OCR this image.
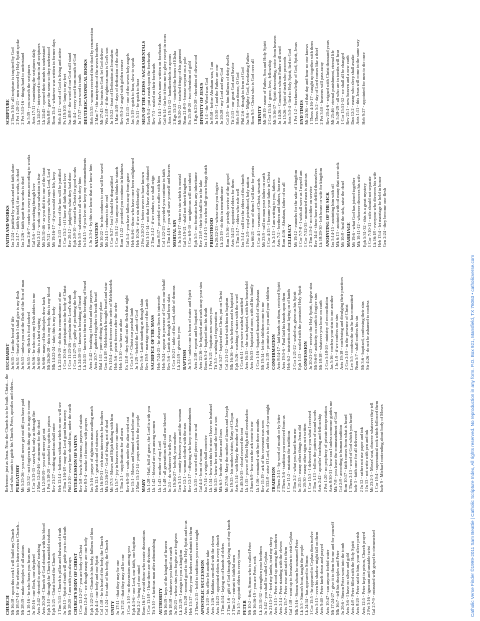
CHURCH Mt 16:18 - upon this rock I will build my Church Mt 18:17-18 - if he refuses to listen even to Church... Mt 28:19 - make disciples of all nations Lk 10:16 - he who hears you hears me Jn 10:16 - one flock, one shepherd Acts 2:42 - devoted to apostles' teaching Acts 20:28 - Church of God obtained with his blood Eph 3:10 - through the Church manifold wisdom Eph 5:25 - Christ loved the Church 1 Tim 3:15 - Church is pillar and bulwark of truth Jn 16:13 - Spirit of truth will guide you to all truth Mt 28:20 - I am with you always CHURCH'S BODY OF CHRIST 1 Cor 12:12-27 - you are body of Christ Rom 12:4-5 - we though many are one body Eph 1:22-23 - Church is his body, fullness of him Eph 4:4 - one body and one Spirit Col 1:18 - he is head of the body, the Church Col 1:24 - for sake of his body, the Church UNITY Jn 17:11 - that they may be one Jn 17:21 - that they may all be one 1 Cor 1:10 - no dissensions among you Eph 4:3-6 - one Lord, one faith, one baptism Phil 2:2 - being of one mind Rom 16:17 - avoid those who create dissensions 1 Cor 11:18 - I hear there are divisions Tit 3:10 - a factious man after admonishing AUTHORITY Mt 16:19 - keys of the kingdom of heaven Mt 18:18 - whatever you bind on earth Jn 20:23 - whose sins you forgive are forgiven Lk 22:29 - I assign to you a kingdom Acts 15:28 - seemed good to the Holy Spirit and to us Heb 13:17 - obey your leaders and submit to them 2 Thess 2:15 - hold to traditions you were taught APOSTOLIC SUCCESSION Acts 1:20 - his office let another take Acts 1:26 - Matthias enrolled with the eleven Acts 14:23 - appointed elders in every church 1 Tim 4:14 - laying on of hands of elders 2 Tim 1:6 - gift of God through laying on of my hands 2 Tim 2:2 - entrust to faithful men Tit 1:5 - appoint elders in every town PETER Mt 10:2 - first, Simon who is called Peter Mt 16:16-19 - you are Peter, rock Lk 22:31-32 - strengthen your brethren Jn 1:42 - you shall be called Cephas Jn 21:15-17 - feed my lambs, tend my sheep Acts 1:15 - Peter stood up among the brethren Acts 2:14 - Peter standing with the eleven Acts 15:7 - Peter rose and said to them Gal 1:18 - went up to Jerusalem to visit Cephas Mk 3:16 - Simon whom he surnamed Peter Lk 5:3 - Simon's boat, taught the people Lk 24:34 - has appeared to Simon 1 Cor 15:5 - he appeared to Cephas then twelve Acts 5:15 - even his shadow might fall on them Acts 9:40 - Peter knelt down and prayed Acts 10:47 - can anyone forbid water Mt 17:24-27 - give it to them for me and for yourself Mk 16:7 - tell his disciples and Peter Jn 20:6 - Simon Peter went into the tomb Acts 3:6 - I have no silver and gold Acts 4:8 - Peter filled with the Holy Spirit Acts 8:20 - Peter said to him, your silver perish Acts 12:5 - Peter kept in prison, Church prayed 2 Pet 3:16 - ignorant and unstable twist Gal 2:7-9 - entrusted with gospel to circumcised
Reference: just as Jesus. Now the Church is to be built. Christ... the Lord who wants to guide his Church. Peter, apostles and elders... PURGATORY Mt 5:25-26 - you will never get out till you have paid Mt 12:32 - not forgiven in this age or in age to come 1 Cor 3:13-15 - saved, but only as through fire 2 Mac 12:42-46 - atonement for the dead Lk 12:58-59 - you will never get out 1 Pet 3:18-20 - preached to spirits in prison Rev 21:27 - nothing unclean shall enter Heb 12:14 - holiness without which no one will see 2 Tim 1:16-18 - may the Lord grant him mercy Phil 2:10 - every knee should bow, under the earth INTERCESSION OF SAINTS Rev 5:8 - bowls of incense, prayers of saints Rev 8:3-4 - smoke of incense with prayers Jas 5:16 - prayer of righteous man availing much Heb 12:1 - great cloud of witnesses Lk 16:19-31 - rich man intercedes for brothers Mk 12:26-27 - God of living, not of dead Mt 17:3 - Moses and Elijah talking with him Lk 15:7 - joy in heaven over one sinner 1 Tim 2:1 - supplications for all men Rev 6:9-10 - souls under the altar cried out Jer 15:1 - Moses and Samuel stood before me 2 Mac 15:12-14 - prays much for the people MARY Lk 1:28 - Hail, full of grace, the Lord is with you Lk 1:42 - blessed are you among women Lk 1:43 - mother of my Lord Lk 1:48 - all generations will call me blessed Jn 2:5 - do whatever he tells you Jn 19:26-27 - behold, your mother Gen 3:15 - enmity between you and the woman Rev 12:1 - woman clothed with the sun Rev 12:17 - offspring who keep commandments Lk 2:35 - a sword will pierce your soul Gal 4:4 - born of woman Isa 7:14 - a virgin shall conceive Lk 1:34 - how can this be since I have no husband Mt 1:25 - knew her not until she bore a son Mk 6:3 - brother of James and Joses Mt 27:56 - Mary the mother of James and Joseph Jn 19:25 - his mother's sister, Mary of Clopas Acts 1:14 - with Mary the mother of Jesus Ex 40:34-35 - cloud covered the tent Lk 1:35 - power of Most High will overshadow 2 Sam 6:9 - how can the ark come to me Lk 1:56 - remained with her three months Rev 11:19 - ark of his covenant was seen Ps 132:8 - arise O Lord, and the ark of your might TRADITION 2 Thess 2:15 - by word of mouth or by letter 2 Thess 3:6 - tradition you received from us 1 Cor 11:2 - maintain the traditions 2 Tim 2:2 - what you heard from me Jn 21:25 - many other things Jesus did Jn 20:30 - many other signs not written 1 Cor 15:3 - I delivered to you what I received 2 Tim 1:13 - follow the pattern of sound words Acts 2:42 - apostles' teaching and fellowship 2 Pet 1:20 - no prophecy of private interpretation Acts 8:30-31 - how can I unless someone guides me Mk 7:8 - you leave the commandment of God Col 2:8 - according to human tradition Rom 10:17 - faith comes from what is heard 1 Thess 2:13 - word of God which you heard Jude 3 - faith once for all delivered 2 Jn 12 - rather not use paper and ink 3 Jn 13 - not write with pen and ink Mt 23:2-3 - Moses' seat, observe whatever they tell 1 Cor 10:4 - supernatural rock which followed them Jude 9 - Michael contending about body of Moses
EUCHARIST Jn 6:35 - I am the bread of life Jn 6:51 - bread which I shall give is my flesh Jn 6:53 - unless you eat the flesh of the Son of man Jn 6:55 - my flesh is food indeed Jn 6:56 - he who eats my flesh abides in me Jn 6:60 - this is a hard saying Jn 6:66 - many of his disciples drew back Mt 26:26-28 - this is my body, this is my blood Mk 14:22-24 - take; this is my body Lk 22:19-20 - do this in remembrance of me 1 Cor 10:16 - participation in the body of Christ 1 Cor 11:23-26 - proclaim the Lord's death 1 Cor 11:27-29 - guilty of profaning the body Lk 24:30-31 - known in breaking of bread Lk 24:35 - known to them in the breaking of bread Acts 2:42 - breaking of bread and the prayers Acts 20:7 - gathered together to break bread Mal 1:11 - pure offering in every place Gen 14:18 - Melchizedek brought bread and wine Ps 110:4 - priest forever after order of Melchizedek Heb 5:6 - priest forever after the order Heb 13:10 - we have an altar Ex 12:8 - they shall eat the flesh that night 1 Cor 5:7 - Christ our paschal lamb Jn 1:29 - behold the Lamb of God Rev 5:6 - Lamb standing as though slain Rev 19:9 - marriage supper of the Lamb SACRIFICE OF THE MASS Heb 7:24-25 - he always lives to intercede Heb 9:24 - appear in presence of God on our behalf Rev 5:6 - Lamb as though it had been slain 1 Cor 10:21 - table of the Lord, table of demons Lk 22:19 - given for you BAPTISM Jn 3:5 - unless one is born of water and Spirit Acts 2:38 - repent and be baptized Acts 22:16 - be baptized and wash away your sins Rom 6:3-4 - baptized into his death 1 Pet 3:21 - baptism now saves you Tit 3:5 - washing of regeneration Gal 3:27 - baptized into Christ, put on Christ Col 2:11-12 - buried with him in baptism Mk 16:16 - he who believes and is baptized Eph 5:26 - washing of water with the word 1 Cor 6:11 - you were washed, sanctified Acts 16:15 - she was baptized, with her household Acts 16:33 - baptized at once, with all his family 1 Cor 1:16 - baptized household of Stephanas Mt 19:14 - let the children come to me Acts 2:39 - promise is to you and your children CONFIRMATION Acts 8:14-17 - laid hands on them, received Spirit Acts 19:5-6 - Paul laid his hands upon them Heb 6:2 - instruction about laying on of hands 2 Cor 1:21-22 - sealed us, given us his Spirit Eph 1:13 - sealed with the promised Holy Spirit CONFESSION Jn 20:21-23 - receive the Holy Spirit, forgive sins Mt 9:6-8 - authority on earth to forgive sins Mt 18:18 - whatever you loose on earth 2 Cor 5:18-20 - ministry of reconciliation Jas 5:16 - confess your sins to one another 1 Jn 1:9 - if we confess our sins Acts 19:18 - confessing and divulging their practices 2 Cor 2:10 - in the presence of Christ Lev 5:5 - confess the sin he has committed Num 5:7 - shall confess his sin Mt 3:6 - baptized, confessing their sins Sir 4:26 - do not be ashamed to confess
FAITH AND WORKS Jas 2:24 - justified by works and not faith alone Jas 2:17 - faith by itself, if no works, is dead Jas 2:26 - faith apart from works is dead Rom 2:6-7 - render to every man according to works Gal 5:6 - faith working through love Phil 2:12 - work out your salvation in fear Mt 25:31-46 - as you did it to one of the least Mt 7:21 - not everyone who says Lord, Lord Mt 19:16-17 - if you would enter life, keep Rom 2:13 - doers of the law will be justified 1 Cor 13:2 - if I have all faith but not love Rev 20:12 - judged by what they had done Eph 2:8-10 - created in Christ for good works Heb 5:9 - salvation to all who obey him Jn 14:15 - if you love me keep my commandments 1 Jn 2:3-4 - by this we know that we know him SALVATION Mt 10:22 - he who endures to end will be saved Mt 24:13 - endures to the end 1 Cor 9:27 - lest I should be disqualified 1 Cor 10:12 - let anyone who thinks he stands Rom 11:22 - provided you continue in kindness Gal 5:4 - you have fallen away from grace Heb 6:4-6 - those who have once been enlightened Heb 10:26 - if we sin deliberately 2 Pet 2:20-21 - better never to have known Phil 3:11-14 - not that I have already obtained 2 Tim 2:12 - if we endure, we shall reign Rom 8:17 - provided we suffer with him Col 1:22-23 - provided you continue in faith 1 Tim 4:16 - you will save yourself and hearers MORTAL SIN 1 Jn 5:16-17 - there is sin which is mortal Gal 5:19-21 - shall not inherit kingdom 1 Cor 6:9-10 - unrighteous will not inherit Eph 5:5 - no fornicator has any inheritance Rev 21:8 - their lot shall be in the lake Jas 1:14-15 - sin when full-grown brings death PRIESTHOOD Jn 20:22-23 - whose sins you forgive Lk 22:19 - do this in remembrance Rom 15:16 - priestly service of the gospel Acts 14:23 - appointed elders for them 1 Tim 5:17 - elders who rule well Jas 5:14 - call for the elders of the church 1 Pet 2:9 - royal priesthood, holy nation Isa 66:21 - some of them I will take for priests 1 Cor 4:1 - servants of Christ, stewards Mt 23:9 - call no man your father on earth 1 Cor 4:15 - I became your father in Christ 1 Jn 2:13 - I am writing to you, fathers Acts 7:2 - brethren and fathers, hear me Rom 4:16 - Abraham, father of us all CELIBACY Mt 19:12 - eunuchs for the sake of kingdom 1 Cor 7:7-8 - I wish all were as I myself am 1 Cor 7:32-35 - unmarried man is anxious 2 Tim 2:3-4 - no soldier on service Rev 14:4 - these have not defiled themselves Lk 18:29-30 - left house or wife for kingdom ANOINTING OF THE SICK Jas 5:14-15 - anointing him with oil Mk 6:13 - anointed with oil many that were sick Mt 10:8 - heal the sick, raise the dead MARRIAGE Mt 19:6 - what God has joined together Mk 10:11-12 - whoever divorces his wife Eph 5:31-32 - this is a great mystery 1 Cor 7:10-11 - wife should not separate Lk 16:18 - everyone who divorces his wife Heb 13:4 - let marriage be held in honor Gen 2:24 - they become one flesh
SCRIPTURE 2 Tim 3:16 - all scripture is inspired by God 2 Pet 1:20-21 - men moved by Holy Spirit spoke 2 Pet 3:15-16 - things hard to understand Jn 5:39 - you search the scriptures Acts 17:11 - examining the scriptures daily Lk 24:27 - interpreted to them in all scriptures Lk 24:45 - opened their minds to understand Neh 8:8 - gave the sense so they understood Rom 15:4 - whatever was written in former days Heb 4:12 - word of God is living and active Ps 119:105 - lamp to my feet Isa 40:8 - the word of our God will stand Mt 4:4 - every word from mouth of God Jn 17:17 - your word is truth DEUTEROCANONICAL BOOKS Heb 11:35 - women received their dead by resurrection 2 Mac 7 - the martyrdom of the seven brothers Mt 27:43 - he trusts in God; let God deliver Wis 2:18 - if the righteous man is God's son Jn 10:22 - feast of Dedication at Jerusalem 1 Mac 4:59 - days of dedication of the altar Rev 8:3-4 - angel with golden censer Tob 12:15 - one of the seven holy angels Jas 1:19 - quick to hear, slow to speak Sir 5:11 - be quick to hear SIGN OF THE CROSS / SACRAMENTALS Ezek 9:4 - put a mark upon the foreheads Rev 7:3 - sealed on their foreheads Rev 14:1 - Father's name written on foreheads Gal 6:14 - far be it from me to glory except in cross Acts 19:11-12 - handkerchiefs or aprons 2 Kgs 13:21 - touched the bones of Elisha Mt 9:20-22 - touched fringe of his garment Num 21:8-9 - bronze serpent on a pole Ex 25:18-20 - two cherubim of gold 1 Kgs 6:23-28 - cherubim of olivewood DIVINITY OF JESUS Jn 1:1 - the Word was God Jn 8:58 - before Abraham was, I am Jn 10:30 - I and the Father are one Jn 20:28 - my Lord and my God Col 2:9 - in him fullness of deity dwells Tit 2:13 - our great God and Savior Heb 1:8 - your throne, O God Phil 2:6 - though in form of God Isa 9:6 - Mighty God, Everlasting Father Rom 9:5 - Christ who is God over all TRINITY Mt 28:19 - name of Father, Son and Holy Spirit 2 Cor 13:14 - grace, love, fellowship Mt 3:16-17 - Spirit descending, voice from heaven Jn 14:26 - Counselor whom Father will send Jn 15:26 - Spirit of truth who proceeds Acts 5:3-4 - lied to Holy Spirit, lied to God 1 Pet 1:2 - foreknowledge of God, Spirit, Jesus END TIMES Mt 24:36 - of that day and hour no one knows 1 Thess 4:16-17 - caught up together with them 1 Thess 5:2 - day of Lord comes like a thief 2 Pet 3:10 - heavens will pass away Rev 20:4-6 - reigned with Christ thousand years Mt 25:46 - eternal punishment, eternal life Jn 5:28-29 - all who are in tombs will hear 1 Cor 15:51-52 - we shall all be changed Rev 21:1 - new heaven and a new earth Dan 12:2 - many who sleep shall awake Acts 1:11 - this Jesus will come in the same way Heb 9:27 - appointed for men to die once
Catholic Verse Finder ©1999-2011 Sam Beattie | Catholic Scripture Index, All rights reserved. No reproduction in any form. P.O. Box 921, Mansfield, TX 76063 • catholicverse.com
